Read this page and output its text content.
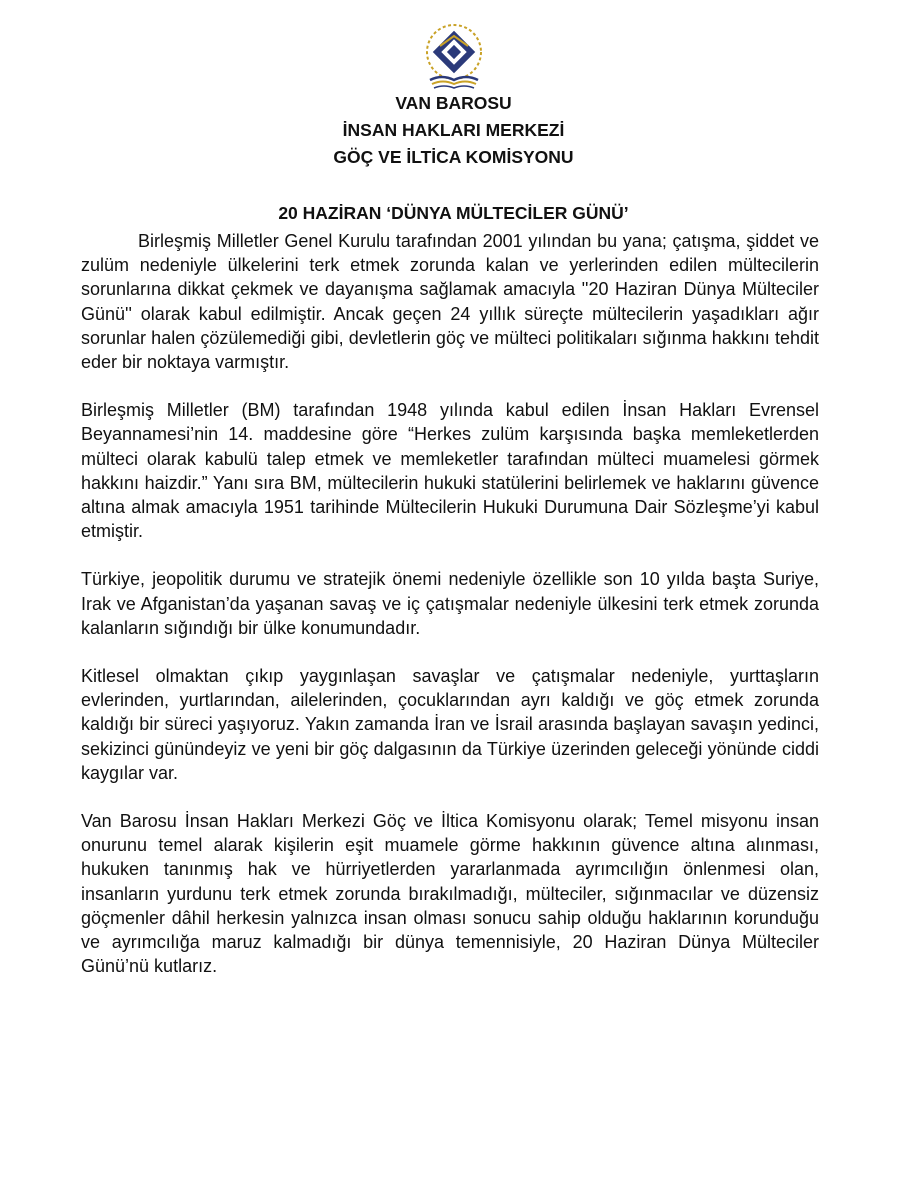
VAN BAROSU
İNSAN HAKLARI MERKEZİ
GÖÇ VE İLTİCA KOMİSYONU
20 HAZİRAN ‘DÜNYA MÜLTECİLER GÜNÜ’

Birleşmiş Milletler Genel Kurulu tarafından 2001 yılından bu yana; çatışma, şiddet ve zulüm nedeniyle ülkelerini terk etmek zorunda kalan ve yerlerinden edilen mültecilerin sorunlarına dikkat çekmek ve dayanışma sağlamak amacıyla ''20 Haziran Dünya Mülteciler Günü'' olarak kabul edilmiştir. Ancak geçen 24 yıllık süreçte mültecilerin yaşadıkları ağır sorunlar halen çözülemediği gibi, devletlerin göç ve mülteci politikaları sığınma hakkını tehdit eder bir noktaya varmıştır.

Birleşmiş Milletler (BM) tarafından 1948 yılında kabul edilen İnsan Hakları Evrensel Beyannamesi’nin 14. maddesine göre “Herkes zulüm karşısında başka memleketlerden mülteci olarak kabulü talep etmek ve memleketler tarafından mülteci muamelesi görmek hakkını haizdir.” Yanı sıra BM, mültecilerin hukuki statülerini belirlemek ve haklarını güvence altına almak amacıyla 1951 tarihinde Mültecilerin Hukuki Durumuna Dair Sözleşme’yi kabul etmiştir.

Türkiye, jeopolitik durumu ve stratejik önemi nedeniyle özellikle son 10 yılda başta Suriye, Irak ve Afganistan’da yaşanan savaş ve iç çatışmalar nedeniyle ülkesini terk etmek zorunda kalanların sığındığı bir ülke konumundadır.

Kitlesel olmaktan çıkıp yaygınlaşan savaşlar ve çatışmalar nedeniyle, yurttaşların evlerinden, yurtlarından, ailelerinden, çocuklarından ayrı kaldığı ve göç etmek zorunda kaldığı bir süreci yaşıyoruz. Yakın zamanda İran ve İsrail arasında başlayan savaşın yedinci, sekizinci günündeyiz ve yeni bir göç dalgasının da Türkiye üzerinden geleceği yönünde ciddi kaygılar var.

Van Barosu İnsan Hakları Merkezi Göç ve İltica Komisyonu olarak; Temel misyonu insan onurunu temel alarak kişilerin eşit muamele görme hakkının güvence altına alınması, hukuken tanınmış hak ve hürriyetlerden yararlanmada ayrımcılığın önlenmesi olan, insanların yurdunu terk etmek zorunda bırakılmadığı, mülteciler, sığınmacılar ve düzensiz göçmenler dâhil herkesin yalnızca insan olması sonucu sahip olduğu haklarının korunduğu ve ayrımcılığa maruz kalmadığı bir dünya temennisiyle, 20 Haziran Dünya Mülteciler Günü’nü kutlarız.
